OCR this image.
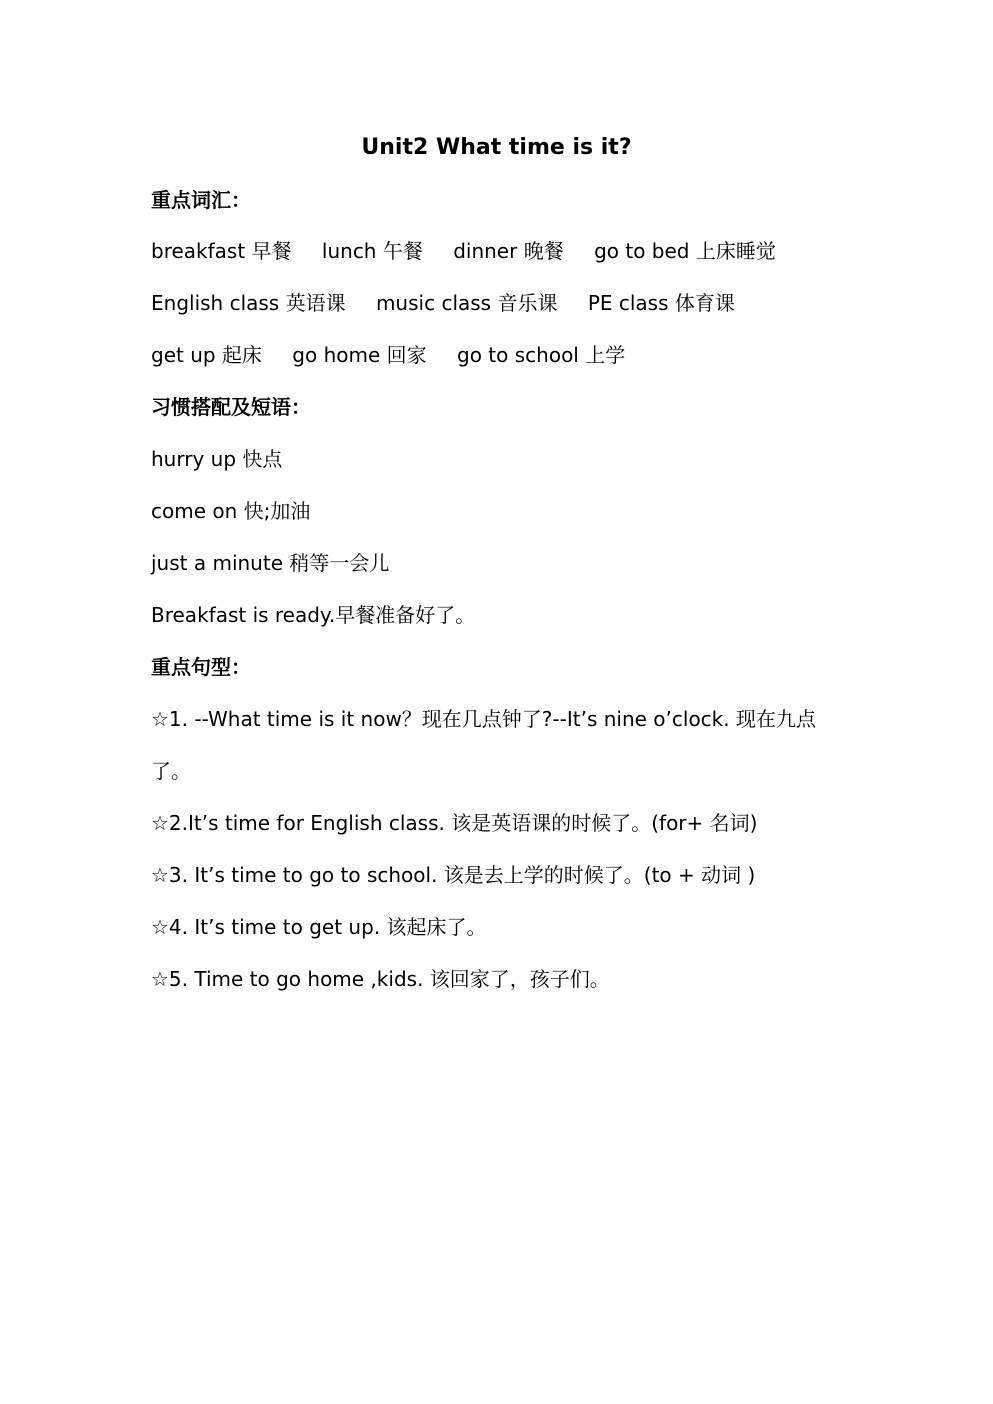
Unit2 What time is it?
重点词汇：
breakfast 早餐 lunch 午餐 dinner 晚餐 go to bed 上床睡觉
English class 英语课 music class 音乐课 PE class 体育课
get up 起床 go home 回家 go to school 上学
习惯搭配及短语：
hurry up 快点
come on 快;加油
just a minute 稍等一会儿
Breakfast is ready.早餐准备好了。
重点句型：
☆1. --What time is it now？现在几点钟了?--It’s nine o’clock. 现在九点
了。
☆2.It’s time for English class. 该是英语课的时候了。(for+ 名词)
☆3. It’s time to go to school. 该是去上学的时候了。(to + 动词 )
☆4. It’s time to get up. 该起床了。
☆5. Time to go home ,kids. 该回家了，孩子们。
